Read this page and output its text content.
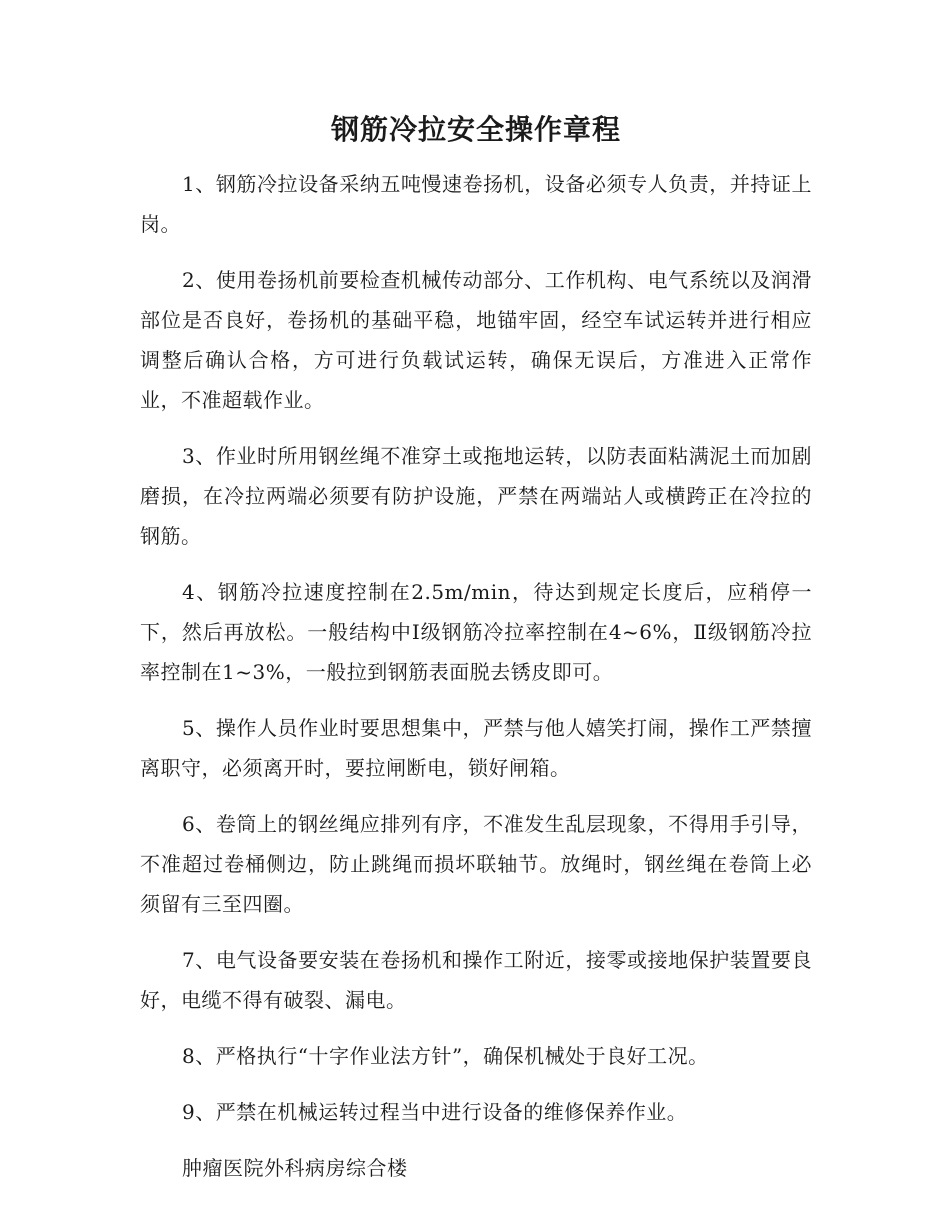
钢筋冷拉安全操作章程

1、钢筋冷拉设备采纳五吨慢速卷扬机，设备必须专人负责，并持证上岗。

2、使用卷扬机前要检查机械传动部分、工作机构、电气系统以及润滑部位是否良好，卷扬机的基础平稳，地锚牢固，经空车试运转并进行相应调整后确认合格，方可进行负载试运转，确保无误后，方准进入正常作业，不准超载作业。

3、作业时所用钢丝绳不准穿土或拖地运转，以防表面粘满泥土而加剧磨损，在冷拉两端必须要有防护设施，严禁在两端站人或横跨正在冷拉的钢筋。

4、钢筋冷拉速度控制在2.5m/min，待达到规定长度后，应稍停一下，然后再放松。一般结构中Ⅰ级钢筋冷拉率控制在4~6%，Ⅱ级钢筋冷拉率控制在1~3%，一般拉到钢筋表面脱去锈皮即可。

5、操作人员作业时要思想集中，严禁与他人嬉笑打闹，操作工严禁擅离职守，必须离开时，要拉闸断电，锁好闸箱。

6、卷筒上的钢丝绳应排列有序，不准发生乱层现象，不得用手引导，不准超过卷桶侧边，防止跳绳而损坏联轴节。放绳时，钢丝绳在卷筒上必须留有三至四圈。

7、电气设备要安装在卷扬机和操作工附近，接零或接地保护装置要良好，电缆不得有破裂、漏电。

8、严格执行“十字作业法方针”，确保机械处于良好工况。

9、严禁在机械运转过程当中进行设备的维修保养作业。

肿瘤医院外科病房综合楼
